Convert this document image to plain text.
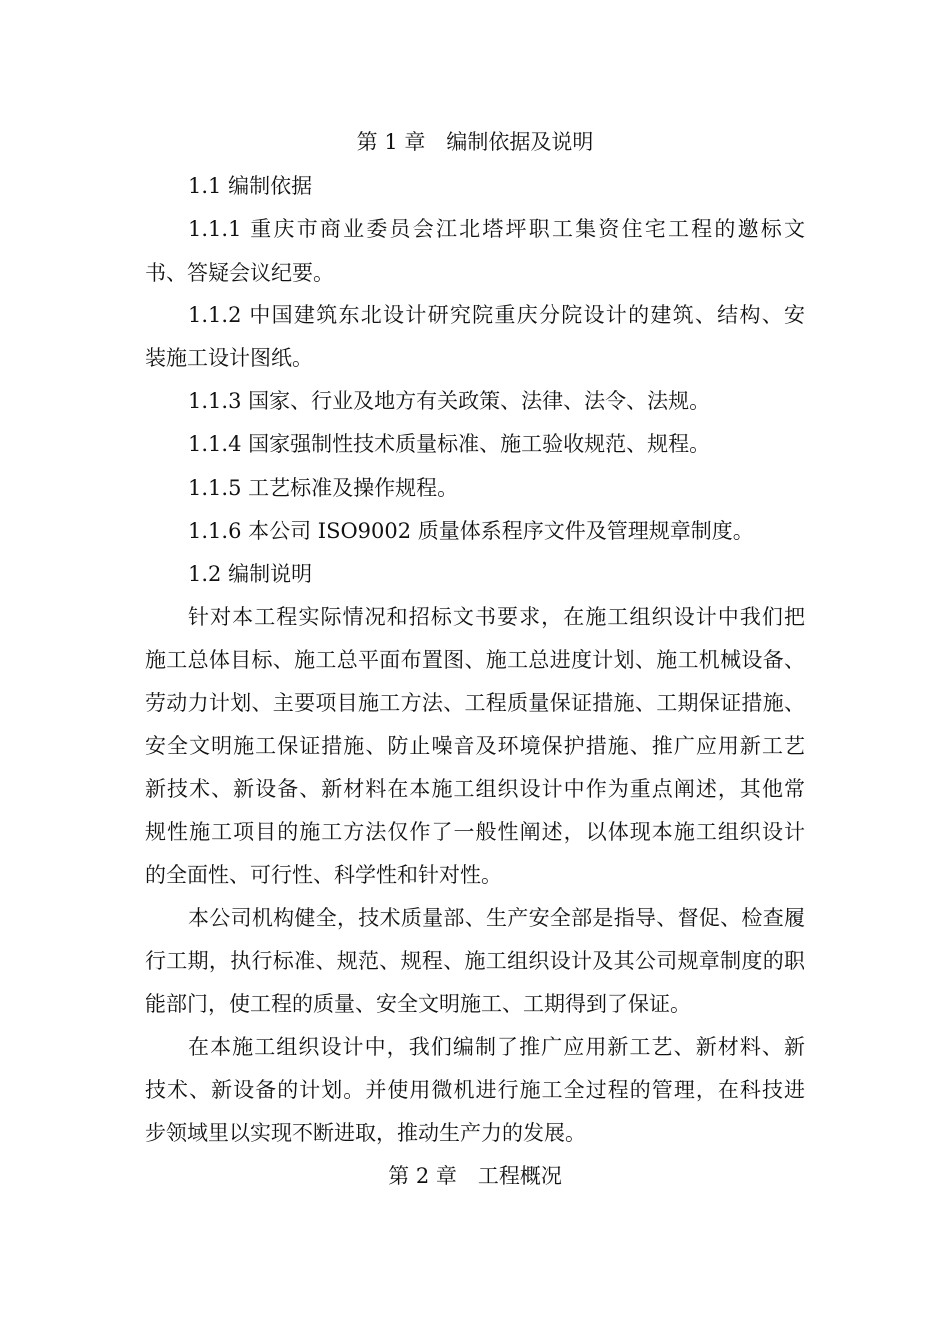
第 1 章　编制依据及说明
1.1 编制依据
1.1.1 重庆市商业委员会江北塔坪职工集资住宅工程的邀标文
书、答疑会议纪要。
1.1.2 中国建筑东北设计研究院重庆分院设计的建筑、结构、安
装施工设计图纸。
1.1.3 国家、行业及地方有关政策、法律、法令、法规。
1.1.4 国家强制性技术质量标准、施工验收规范、规程。
1.1.5 工艺标准及操作规程。
1.1.6 本公司 ISO9002 质量体系程序文件及管理规章制度。
1.2 编制说明
针对本工程实际情况和招标文书要求，在施工组织设计中我们把
施工总体目标、施工总平面布置图、施工总进度计划、施工机械设备、
劳动力计划、主要项目施工方法、工程质量保证措施、工期保证措施、
安全文明施工保证措施、防止噪音及环境保护措施、推广应用新工艺
新技术、新设备、新材料在本施工组织设计中作为重点阐述，其他常
规性施工项目的施工方法仅作了一般性阐述，以体现本施工组织设计
的全面性、可行性、科学性和针对性。
本公司机构健全，技术质量部、生产安全部是指导、督促、检查履
行工期，执行标准、规范、规程、施工组织设计及其公司规章制度的职
能部门，使工程的质量、安全文明施工、工期得到了保证。
在本施工组织设计中，我们编制了推广应用新工艺、新材料、新
技术、新设备的计划。并使用微机进行施工全过程的管理，在科技进
步领域里以实现不断进取，推动生产力的发展。
第 2 章　工程概况
